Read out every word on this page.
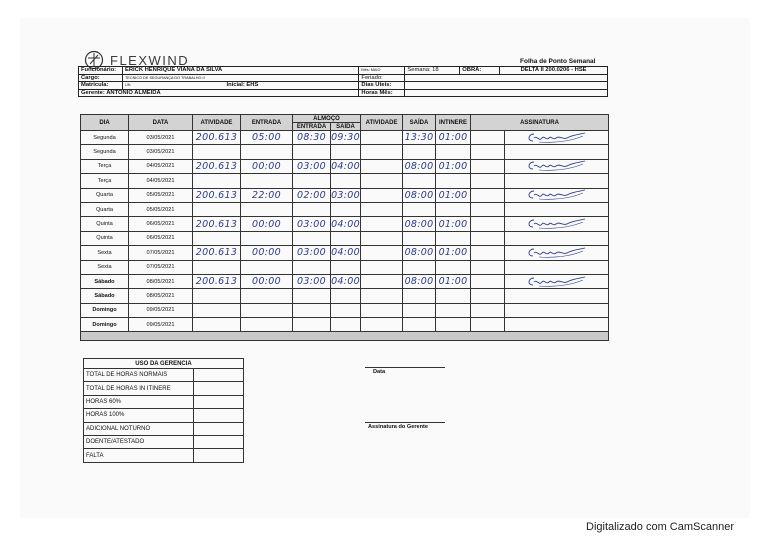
FLEXWIND	Folha de Ponto Semanal
Funcionário:	ERICK HENRIQUE VIANA DA SILVA	Mês: MAIO	Semana: 18	OBRA:	DELTA II 200.0206 - HSE
Cargo:	TECNICO DE SEGURANÇA DO TRABALHO II	Feriado:			
Matricula:	UN Inicial: EHS	Dias Úteis:			
Gerente: ANTONIO ALMEIDA		Horas Mês:			
DIA	DATA	ATIVIDADE	ENTRADA	ALMOÇO		ATIVIDADE	SAÍDA	INTINERE	ASSINATURA	
				ENTRADA	SAÍDA					
Segunda	03/05/2021	200.613	05:00	08:30	09:30		13:30	01:00		

Segunda	03/05/2021									
Terça	04/05/2021	200.613	00:00	03:00	04:00		08:00	01:00		

Terça	04/05/2021									
Quarta	05/05/2021	200.613	22:00	02:00	03:00		08:00	01:00		

Quarta	05/05/2021									
Quinta	06/05/2021	200.613	00:00	03:00	04:00		08:00	01:00		

Quinta	06/05/2021									
Sexta	07/05/2021	200.613	00:00	03:00	04:00		08:00	01:00		

Sexta	07/05/2021									
Sábado	08/05/2021	200.613	00:00	03:00	04:00		08:00	01:00		

Sábado	08/05/2021									
Domingo	09/05/2021									
Domingo	09/05/2021									

USO DA GERENCIA	
TOTAL DE HORAS NORMAIS	
TOTAL DE HORAS IN ITINERE	
HORAS 60%	
HORAS 100%	
ADICIONAL NOTURNO	
DOENTE/ATESTADO	
FALTA	
Data
Assinatura do Gerente
Digitalizado com CamScanner
